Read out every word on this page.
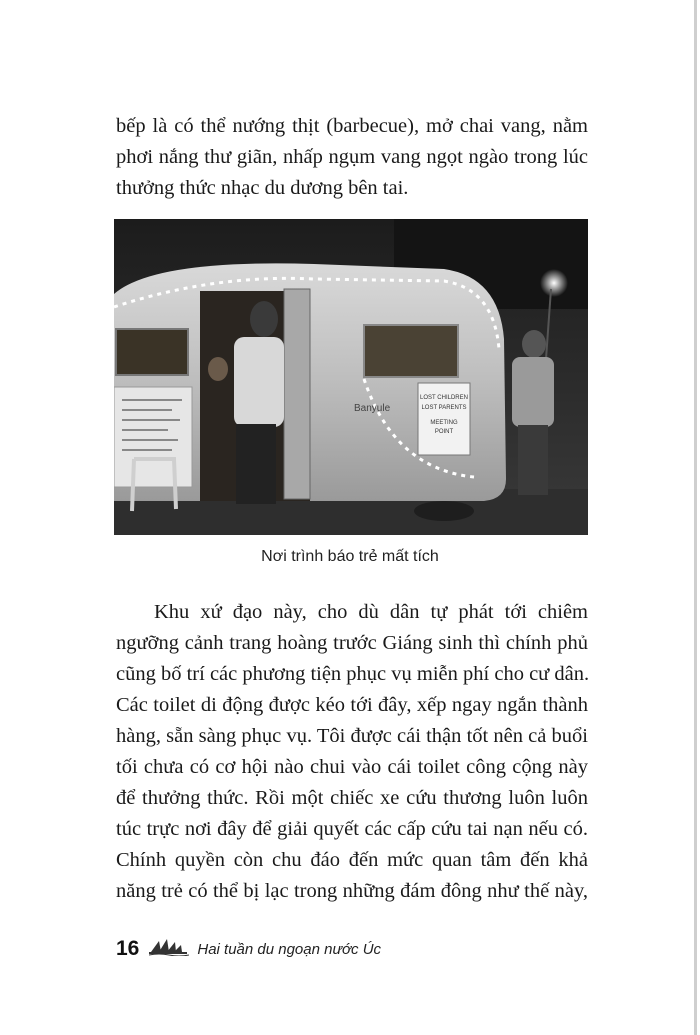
bếp là có thể nướng thịt (barbecue), mở chai vang, nằm
phơi nắng thư giãn, nhấp ngụm vang ngọt ngào trong lúc
thưởng thức nhạc du dương bên tai.

LOST CHILDREN
LOST PARENTS
MEETING
POINT
Banyule
Nơi trình báo trẻ mất tích

Khu xứ đạo này, cho dù dân tự phát tới chiêm
ngưỡng cảnh trang hoàng trước Giáng sinh thì chính phủ
cũng bố trí các phương tiện phục vụ miễn phí cho cư dân.
Các toilet di động được kéo tới đây, xếp ngay ngắn thành
hàng, sẵn sàng phục vụ. Tôi được cái thận tốt nên cả buổi
tối chưa có cơ hội nào chui vào cái toilet công cộng này
để thưởng thức. Rồi một chiếc xe cứu thương luôn luôn
túc trực nơi đây để giải quyết các cấp cứu tai nạn nếu có.
Chính quyền còn chu đáo đến mức quan tâm đến khả
năng trẻ có thể bị lạc trong những đám đông như thế này,

16	Hai tuần du ngoạn nước Úc
